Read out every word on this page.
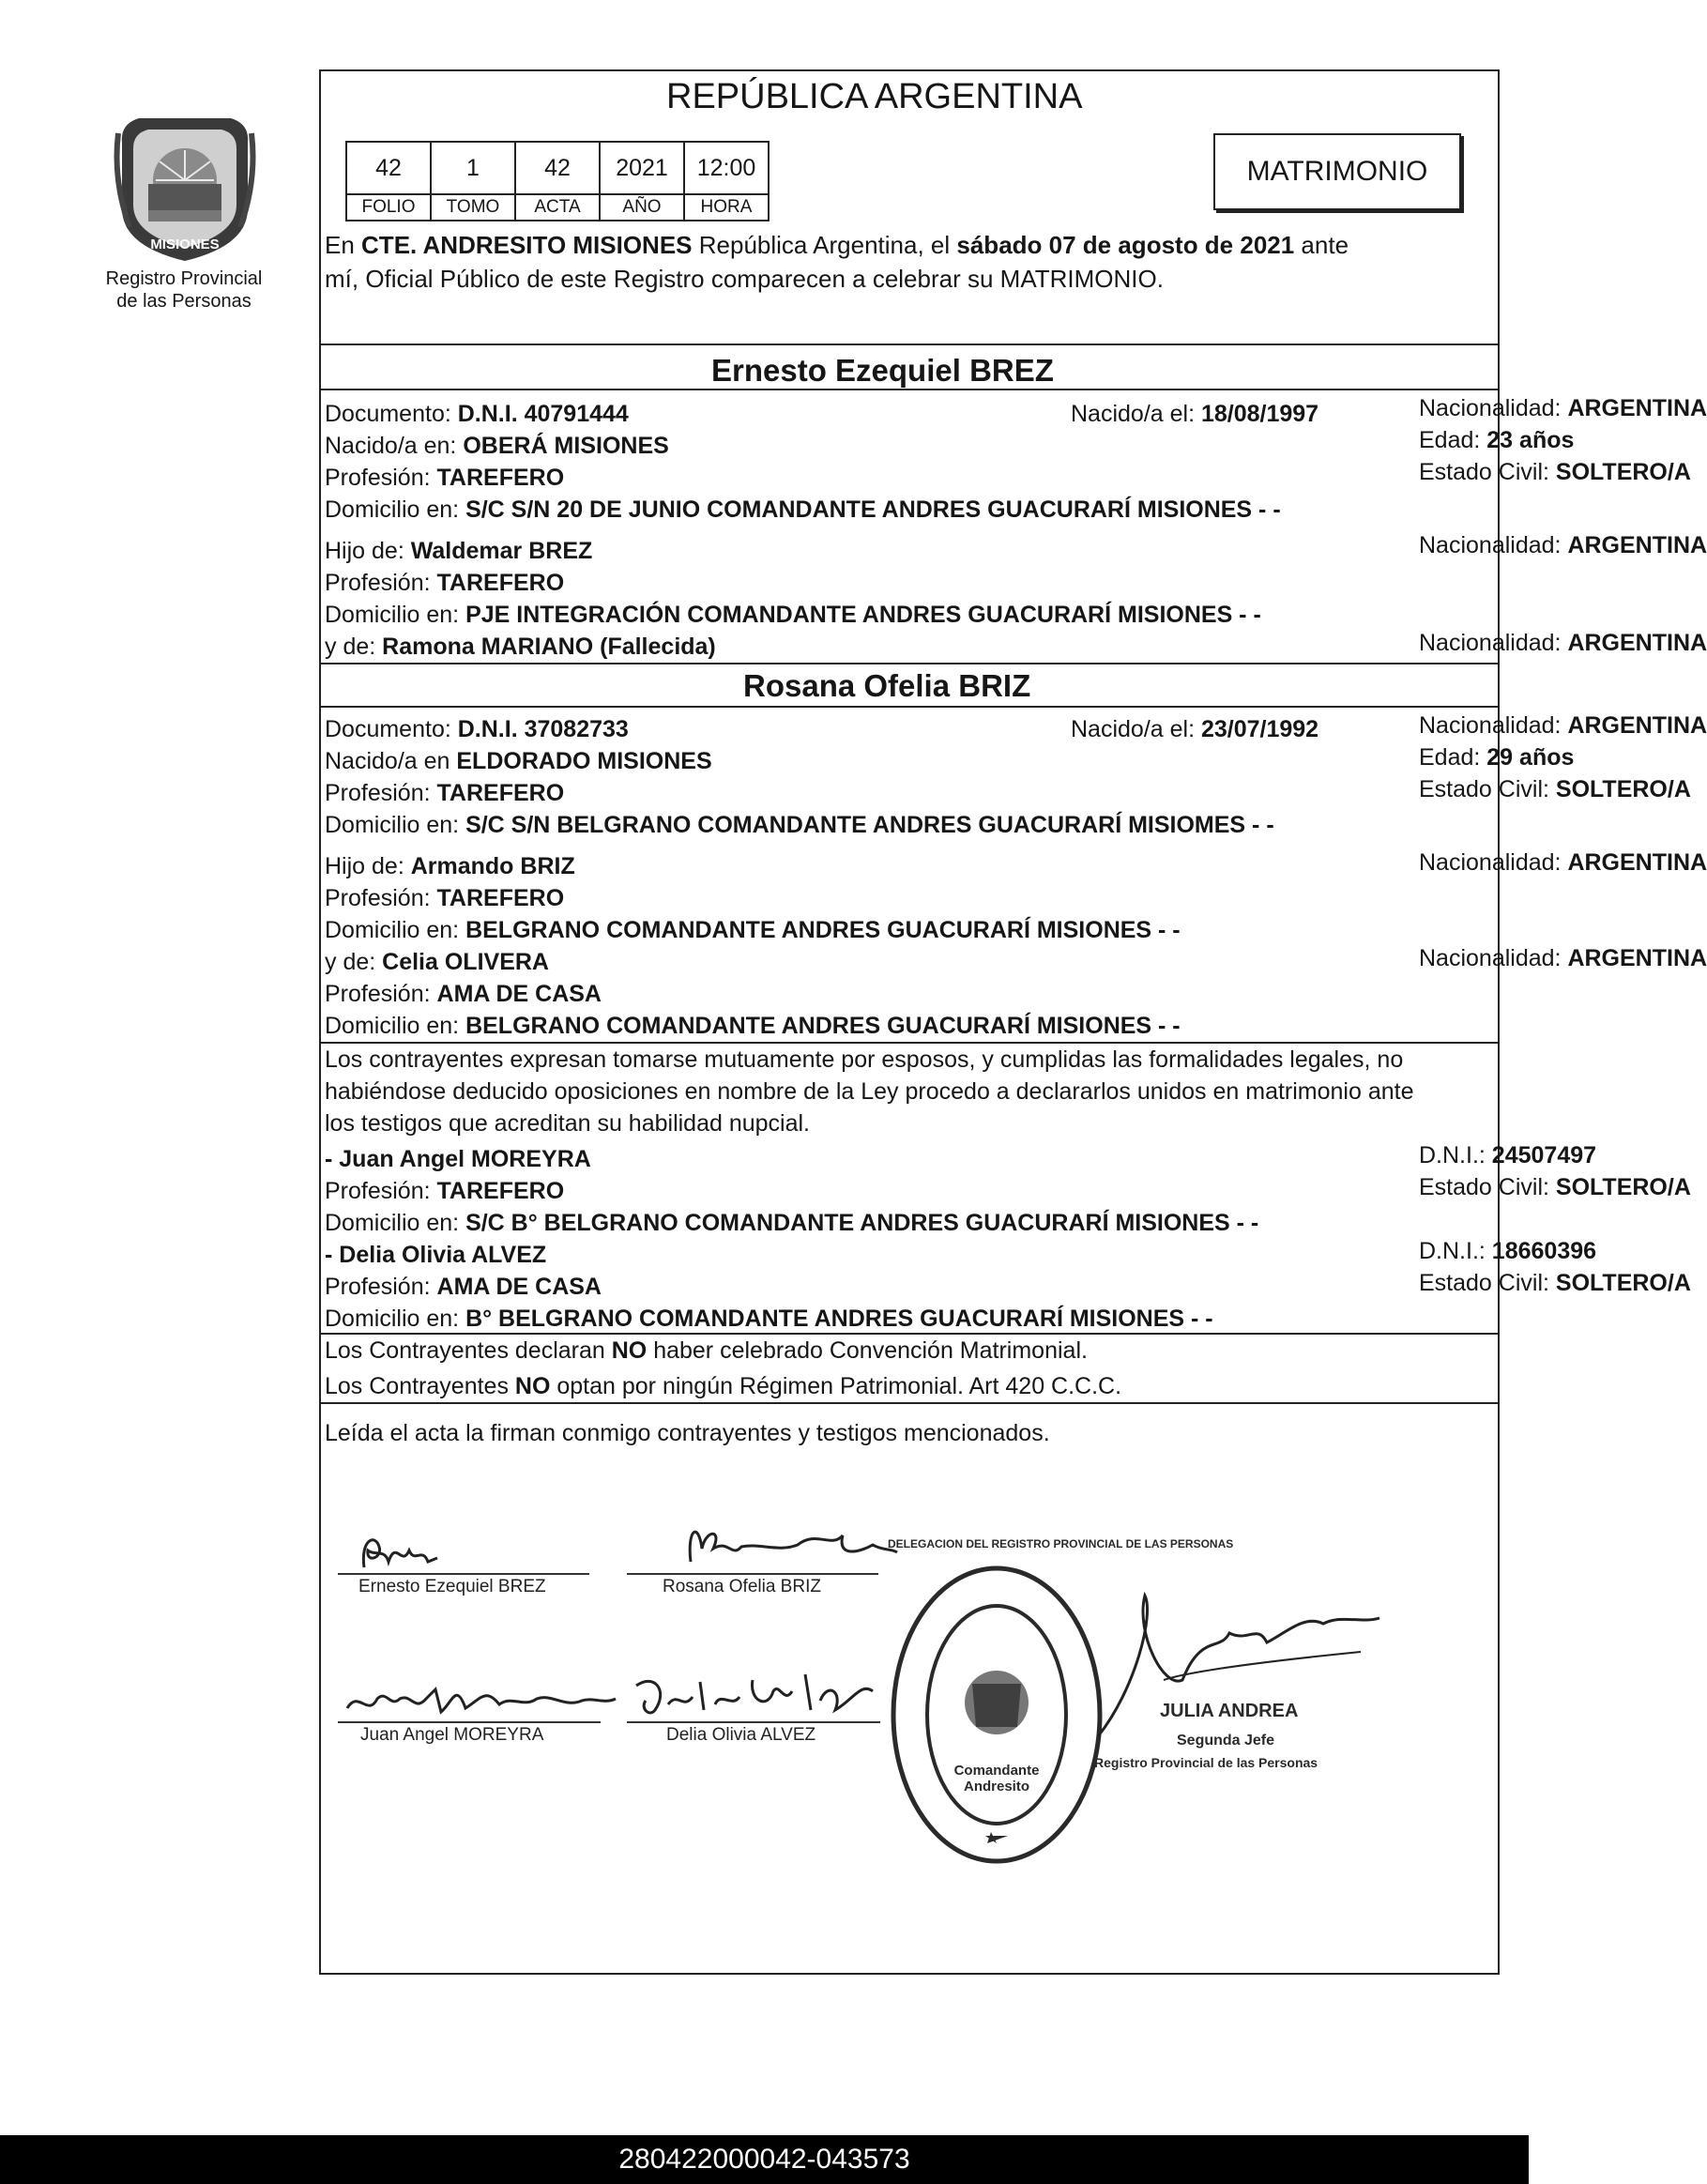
PROVINCIA DE
MISIONES
Registro Provincial
de las Personas
REPÚBLICA ARGENTINA
42	1	42	2021	12:00
FOLIO	TOMO	ACTA	AÑO	HORA
MATRIMONIO
En CTE. ANDRESITO MISIONES República Argentina, el sábado 07 de agosto de 2021 ante
mí, Oficial Público de este Registro comparecen a celebrar su MATRIMONIO.
Ernesto Ezequiel BREZ
Documento: D.N.I. 40791444	Nacido/a el: 18/08/1997	Nacionalidad: ARGENTINA
Nacido/a en: OBERÁ MISIONES	Edad: 23 años
Profesión: TAREFERO	Estado Civil: SOLTERO/A
Domicilio en: S/C S/N 20 DE JUNIO COMANDANTE ANDRES GUACURARÍ MISIONES - -
Hijo de: Waldemar BREZ	Nacionalidad: ARGENTINA
Profesión: TAREFERO
Domicilio en: PJE INTEGRACIÓN COMANDANTE ANDRES GUACURARÍ MISIONES - -
y de: Ramona MARIANO (Fallecida)	Nacionalidad: ARGENTINA
Rosana Ofelia BRIZ
Documento: D.N.I. 37082733	Nacido/a el: 23/07/1992	Nacionalidad: ARGENTINA
Nacido/a en ELDORADO MISIONES	Edad: 29 años
Profesión: TAREFERO	Estado Civil: SOLTERO/A
Domicilio en: S/C S/N BELGRANO COMANDANTE ANDRES GUACURARÍ MISIOMES - -
Hijo de: Armando BRIZ	Nacionalidad: ARGENTINA
Profesión: TAREFERO
Domicilio en: BELGRANO COMANDANTE ANDRES GUACURARÍ MISIONES - -
y de: Celia OLIVERA	Nacionalidad: ARGENTINA
Profesión: AMA DE CASA
Domicilio en: BELGRANO COMANDANTE ANDRES GUACURARÍ MISIONES - -
Los contrayentes expresan tomarse mutuamente por esposos, y cumplidas las formalidades legales, no
habiéndose deducido oposiciones en nombre de la Ley procedo a declararlos unidos en matrimonio ante
los testigos que acreditan su habilidad nupcial.
- Juan Angel MOREYRA	D.N.I.: 24507497
Profesión: TAREFERO	Estado Civil: SOLTERO/A
Domicilio en: S/C B° BELGRANO COMANDANTE ANDRES GUACURARÍ MISIONES - -
- Delia Olivia ALVEZ	D.N.I.: 18660396
Profesión: AMA DE CASA	Estado Civil: SOLTERO/A
Domicilio en: B° BELGRANO COMANDANTE ANDRES GUACURARÍ MISIONES - -
Los Contrayentes declaran NO haber celebrado Convención Matrimonial.
Los Contrayentes NO optan por ningún Régimen Patrimonial. Art 420 C.C.C.
Leída el acta la firman conmigo contrayentes y testigos mencionados.
Ernesto Ezequiel BREZ	Rosana Ofelia BRIZ
Juan Angel MOREYRA	Delia Olivia ALVEZ
DELEGACION DEL REGISTRO PROVINCIAL DE LAS PERSONAS
Comandante Andresito
JULIA ANDREA
Segunda Jefe
Registro Provincial de las Personas
280422000042-043573
